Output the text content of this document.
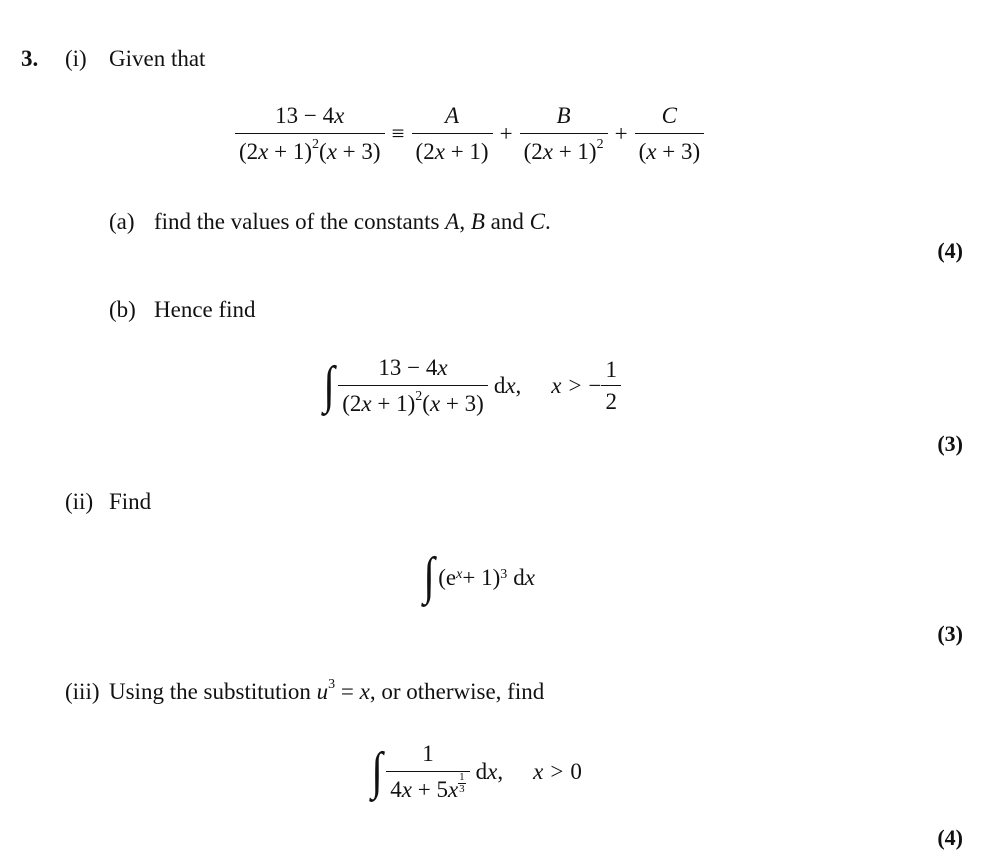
3. (i) Given that
$\frac{13 - 4x}{(2x + 1)^2(x + 3)} \equiv \frac{A}{(2x + 1)} + \frac{B}{(2x + 1)^2} + \frac{C}{(x + 3)}$
(a) find the values of the constants A, B and C.
(4)
(b) Hence find
∫ $\frac{13 - 4x}{(2x + 1)^2(x + 3)}$ dx, x > − $\frac{1}{2}$
(3)
(ii) Find
∫ (e x + 1) 3 dx
(3)
(iii) Using the substitution $u^3 = x$, or otherwise, find
∫ $\frac{1}{4x + 5x \frac{1}{3}}$ dx, x > 0
(4)
